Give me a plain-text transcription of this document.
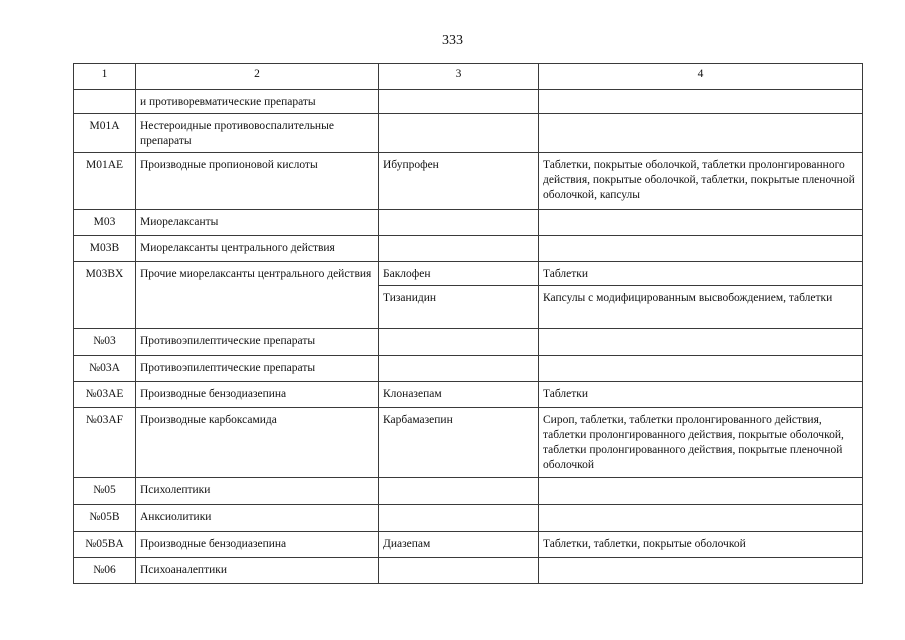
333
1	2	3	4
	и противоревматические препараты		
M01A	Нестероидные противовоспалительные препараты		
M01AE	Производные пропионовой кислоты	Ибупрофен	Таблетки, покрытые оболочкой, таблетки пролонгированного действия, покрытые оболочкой, таблетки, покрытые пленочной оболочкой, капсулы
M03	Миорелаксанты		
M03B	Миорелаксанты центрального действия		
M03BX	Прочие миорелаксанты центрального действия	Баклофен	Таблетки
		Тизанидин	Капсулы с модифицированным высвобождением, таблетки
№03	Противоэпилептические препараты		
№03A	Противоэпилептические препараты		
№03AE	Производные бензодиазепина	Клоназепам	Таблетки
№03AF	Производные карбоксамида	Карбамазепин	Сироп, таблетки, таблетки пролонгированного действия, таблетки пролонгированного действия, покрытые оболочкой, таблетки пролонгированного действия, покрытые пленочной оболочкой
№05	Психолептики		
№05B	Анксиолитики		
№05BA	Производные бензодиазепина	Диазепам	Таблетки, таблетки, покрытые оболочкой
№06	Психоаналептики		
